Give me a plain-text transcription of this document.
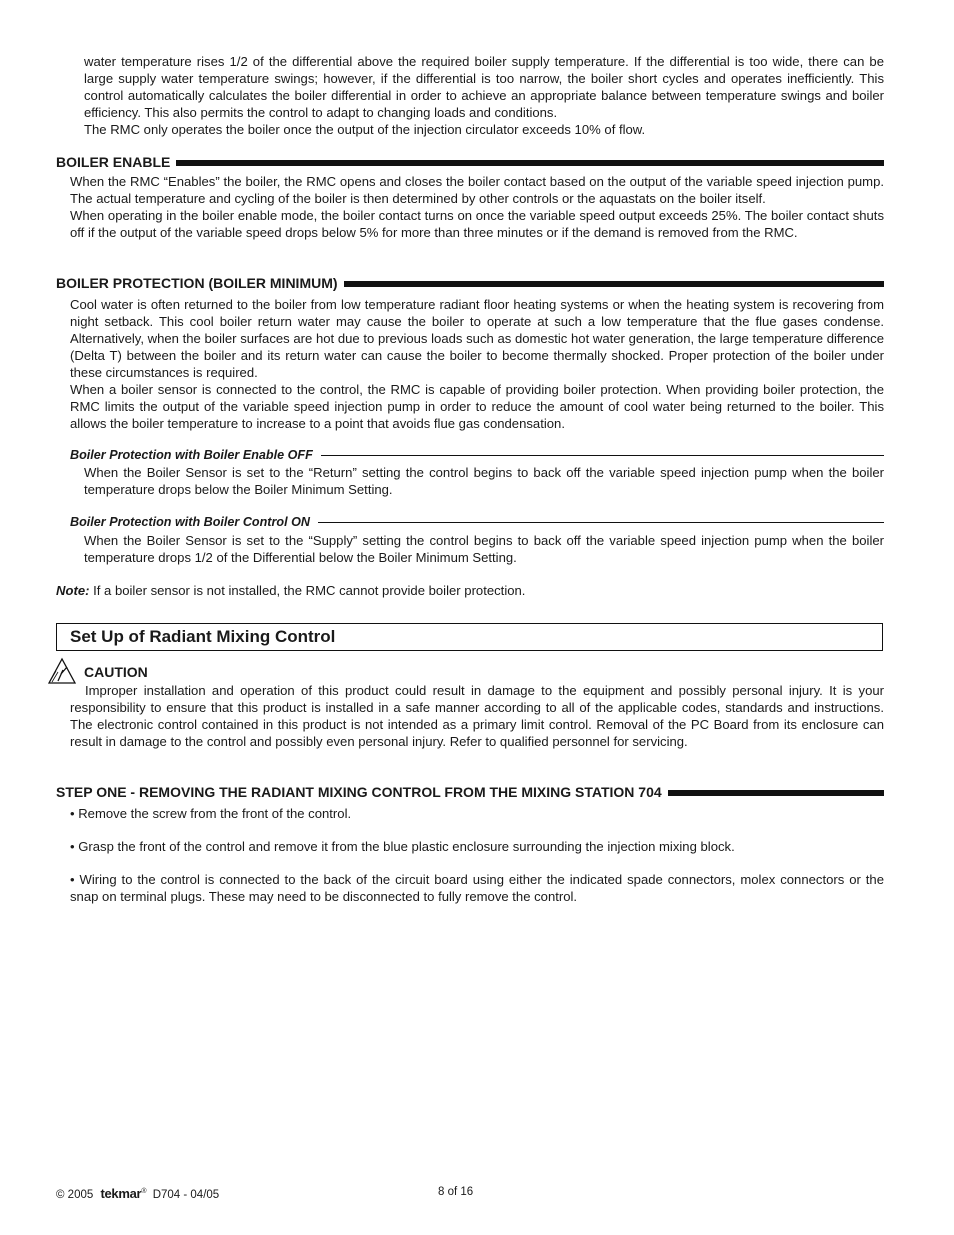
water temperature rises 1/2 of the differential above the required boiler supply temperature. If the differential is too wide, there can be large supply water temperature swings; however, if the differential is too narrow, the boiler short cycles and operates inefficiently. This control automatically calculates the boiler differential in order to achieve an appropriate balance between temperature swings and boiler efficiency. This also permits the control to adapt to changing loads and conditions.

The RMC only operates the boiler once the output of the injection circulator exceeds 10% of flow.

BOILER ENABLE

When the RMC “Enables” the boiler, the RMC opens and closes the boiler contact based on the output of the variable speed injection pump. The actual temperature and cycling of the boiler is then determined by other controls or the aquastats on the boiler itself.

When operating in the boiler enable mode, the boiler contact turns on once the variable speed output exceeds 25%. The boiler contact shuts off if the output of the variable speed drops below 5% for more than three minutes or if the demand is removed from the RMC.

BOILER PROTECTION (BOILER MINIMUM)

Cool water is often returned to the boiler from low temperature radiant floor heating systems or when the heating system is recovering from night setback. This cool boiler return water may cause the boiler to operate at such a low temperature that the flue gases condense. Alternatively, when the boiler surfaces are hot due to previous loads such as domestic hot water generation, the large temperature difference (Delta T) between the boiler and its return water can cause the boiler to become thermally shocked. Proper protection of the boiler under these circumstances is required.

When a boiler sensor is connected to the control, the RMC is capable of providing boiler protection. When providing boiler protection, the RMC limits the output of the variable speed injection pump in order to reduce the amount of cool water being returned to the boiler. This allows the boiler temperature to increase to a point that avoids flue gas condensation.

Boiler Protection with Boiler Enable OFF

When the Boiler Sensor is set to the “Return” setting the control begins to back off the variable speed injection pump when the boiler temperature drops below the Boiler Minimum Setting.

Boiler Protection with Boiler Control ON

When the Boiler Sensor is set to the “Supply” setting the control begins to back off the variable speed injection pump when the boiler temperature drops 1/2 of the Differential below the Boiler Minimum Setting.

Note: If a boiler sensor is not installed, the RMC cannot provide boiler protection.

Set Up of Radiant Mixing Control
CAUTION

Improper installation and operation of this product could result in damage to the equipment and possibly personal injury. It is your responsibility to ensure that this product is installed in a safe manner according to all of the applicable codes, standards and instructions. The electronic control contained in this product is not intended as a primary limit control. Removal of the PC Board from its enclosure can result in damage to the control and possibly even personal injury. Refer to qualified personnel for servicing.

STEP ONE - REMOVING THE RADIANT MIXING CONTROL FROM THE MIXING STATION 704

• Remove the screw from the front of the control.

• Grasp the front of the control and remove it from the blue plastic enclosure surrounding the injection mixing block.

• Wiring to the control is connected to the back of the circuit board using either the indicated spade connectors, molex connectors or the snap on terminal plugs. These may need to be disconnected to fully remove the control.

© 2005 tekmar® D704 - 04/05	8 of 16
